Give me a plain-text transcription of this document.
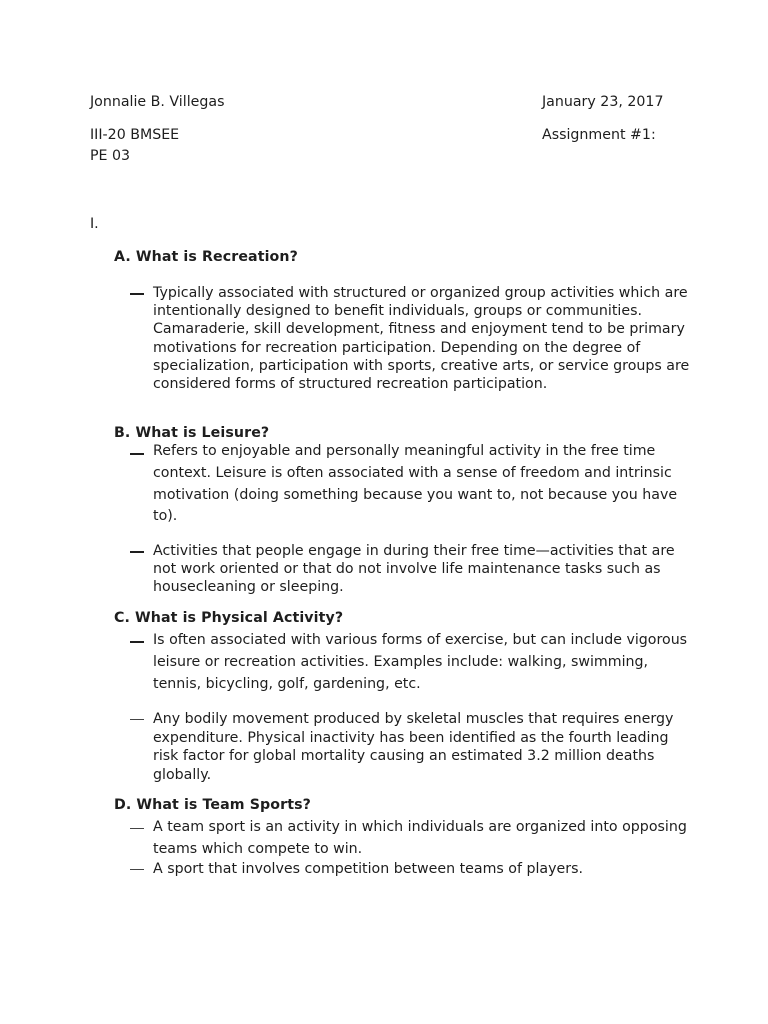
Jonnalie B. Villegas	January 23, 2017
III-20 BMSEE	Assignment #1:
PE 03
I.
A. What is Recreation?
Typically associated with structured or organized group activities which are intentionally designed to benefit individuals, groups or communities. Camaraderie, skill development, fitness and enjoyment tend to be primary motivations for recreation participation. Depending on the degree of specialization, participation with sports, creative arts, or service groups are considered forms of structured recreation participation.
B. What is Leisure?
Refers to enjoyable and personally meaningful activity in the free time context. Leisure is often associated with a sense of freedom and intrinsic motivation (doing something because you want to, not because you have to).
Activities that people engage in during their free time—activities that are not work oriented or that do not involve life maintenance tasks such as housecleaning or sleeping.
C. What is Physical Activity?
Is often associated with various forms of exercise, but can include vigorous leisure or recreation activities. Examples include: walking, swimming, tennis, bicycling, golf, gardening, etc.
Any bodily movement produced by skeletal muscles that requires energy expenditure. Physical inactivity has been identified as the fourth leading risk factor for global mortality causing an estimated 3.2 million deaths globally.
D. What is Team Sports?
A team sport is an activity in which individuals are organized into opposing teams which compete to win.
A sport that involves competition between teams of players.
